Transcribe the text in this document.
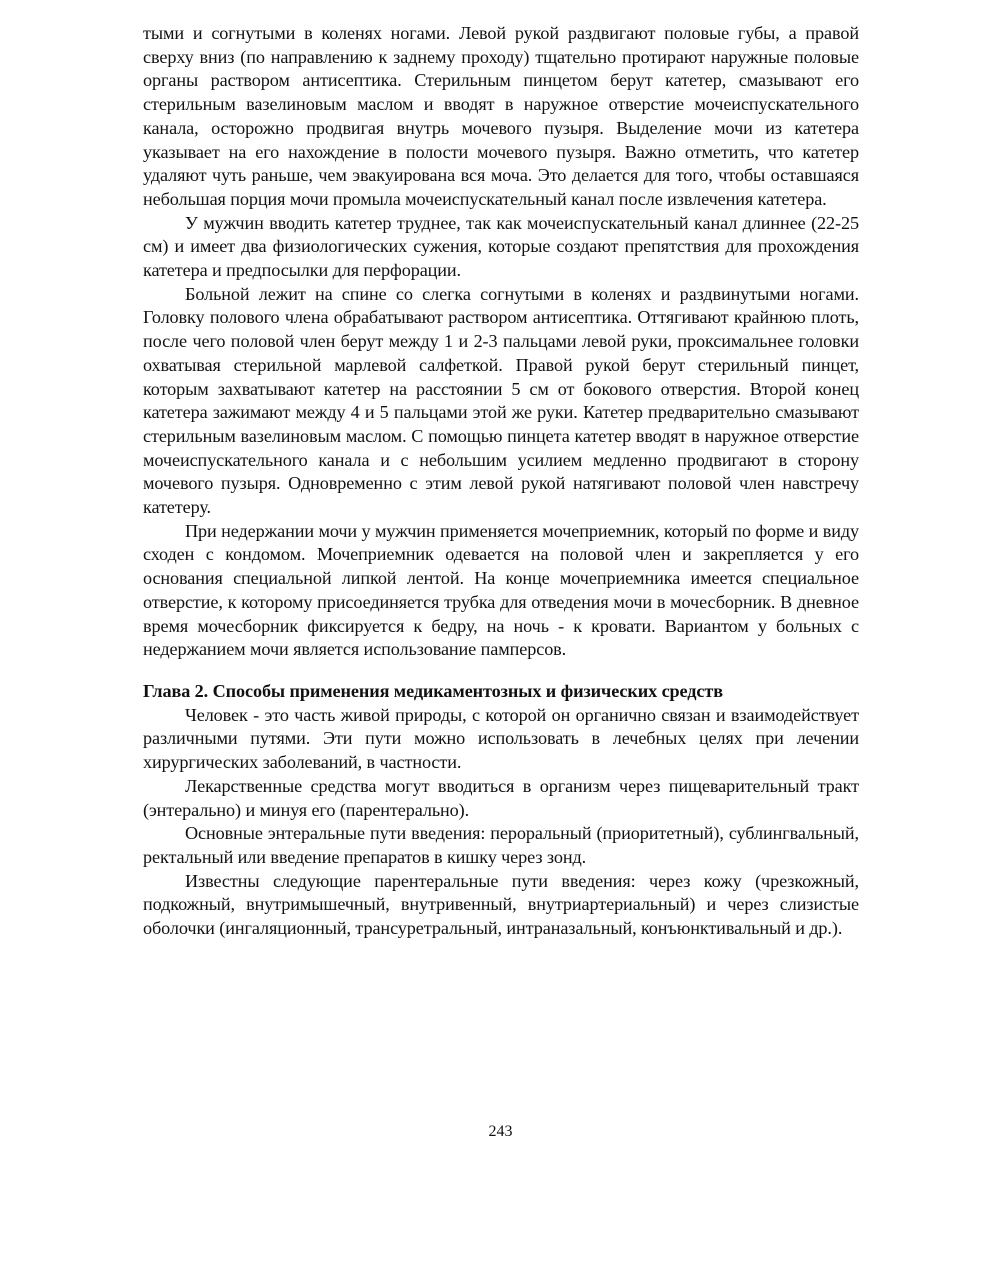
тыми и согнутыми в коленях ногами. Левой рукой раздвигают половые губы, а правой сверху вниз (по направлению к заднему проходу) тщательно протирают наружные половые органы раствором антисептика. Стерильным пинцетом берут катетер, смазывают его стерильным вазелиновым маслом и вводят в наружное отверстие мочеиспускательного канала, осторожно продвигая внутрь мочевого пузыря. Выделение мочи из катетера указывает на его нахождение в полости мочевого пузыря. Важно отметить, что катетер удаляют чуть раньше, чем эвакуирована вся моча. Это делается для того, чтобы оставшаяся небольшая порция мочи промыла мочеиспускательный канал после извлечения катетера.

У мужчин вводить катетер труднее, так как мочеиспускательный канал длиннее (22-25 см) и имеет два физиологических сужения, которые создают препятствия для прохождения катетера и предпосылки для перфорации.

Больной лежит на спине со слегка согнутыми в коленях и раздвинутыми ногами. Головку полового члена обрабатывают раствором антисептика. Оттягивают крайнюю плоть, после чего половой член берут между 1 и 2-3 пальцами левой руки, проксимальнее головки охватывая стерильной марлевой салфеткой. Правой рукой берут стерильный пинцет, которым захватывают катетер на расстоянии 5 см от бокового отверстия. Второй конец катетера зажимают между 4 и 5 пальцами этой же руки. Катетер предварительно смазывают стерильным вазелиновым маслом. С помощью пинцета катетер вводят в наружное отверстие мочеиспускательного канала и с небольшим усилием медленно продвигают в сторону мочевого пузыря. Одновременно с этим левой рукой натягивают половой член навстречу катетеру.

При недержании мочи у мужчин применяется мочеприемник, который по форме и виду сходен с кондомом. Мочеприемник одевается на половой член и закрепляется у его основания специальной липкой лентой. На конце мочеприемника имеется специальное отверстие, к которому присоединяется трубка для отведения мочи в мочесборник. В дневное время мочесборник фиксируется к бедру, на ночь - к кровати. Вариантом у больных с недержанием мочи является использование памперсов.

Глава 2. Способы применения медикаментозных и физических средств

Человек - это часть живой природы, с которой он органично связан и взаимодействует различными путями. Эти пути можно использовать в лечебных целях при лечении хирургических заболеваний, в частности.

Лекарственные средства могут вводиться в организм через пищеварительный тракт (энтерально) и минуя его (парентерально).

Основные энтеральные пути введения: пероральный (приоритетный), сублингвальный, ректальный или введение препаратов в кишку через зонд.

Известны следующие парентеральные пути введения: через кожу (чрезкожный, подкожный, внутримышечный, внутривенный, внутриартериальный) и через слизистые оболочки (ингаляционный, трансуретральный, интраназальный, конъюнктивальный и др.).

243
